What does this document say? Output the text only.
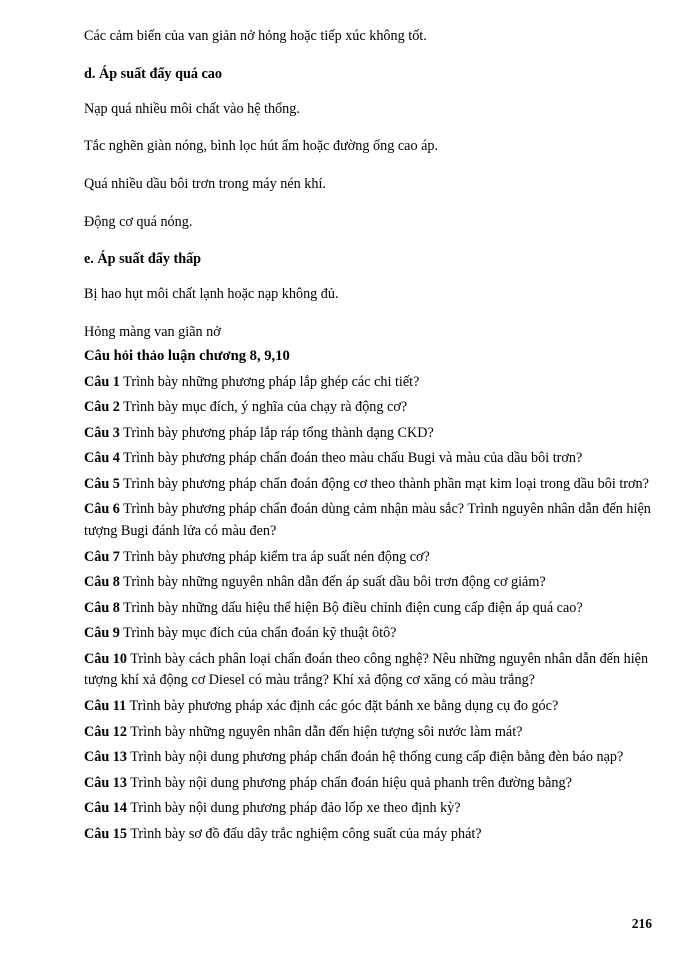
Các cảm biến của van giản nở hỏng hoặc tiếp xúc không tốt.

d. Áp suất đẩy quá cao

Nạp quá nhiều môi chất vào hệ thống.

Tắc nghẽn giàn nóng, bình lọc hút ẩm hoặc đường ống cao áp.

Quá nhiều dầu bôi trơn trong máy nén khí.

Động cơ quá nóng.

e. Áp suất đẩy thấp

Bị hao hụt môi chất lạnh hoặc nạp không đủ.

Hỏng màng van giãn nở

Câu hỏi thảo luận chương 8, 9,10

Câu 1 Trình bày những phương pháp lắp ghép các chi tiết?

Câu 2 Trình bày mục đích, ý nghĩa của chạy rà động cơ?

Câu 3 Trình bày phương pháp lắp ráp tổng thành dạng CKD?

Câu 4 Trình bày phương pháp chẩn đoán theo màu chấu Bugi và màu của dầu bôi trơn?

Câu 5 Trình bày phương pháp chẩn đoán động cơ theo thành phần mạt kim loại trong dầu bôi trơn?

Câu 6 Trình bày phương pháp chẩn đoán dùng cảm nhận màu sắc? Trình nguyên nhân dẫn đến hiện tượng Bugi đánh lửa có màu đen?

Câu 7 Trình bày phương pháp kiểm tra áp suất nén động cơ?

Câu 8 Trình bày những nguyên nhân dẫn đến áp suất dầu bôi trơn động cơ giảm?

Câu 8 Trình bày những dấu hiệu thể hiện Bộ điều chỉnh điện cung cấp điện áp quá cao?

Câu 9 Trình bày mục đích của chẩn đoán kỹ thuật ôtô?

Câu 10 Trình bày cách phân loại chẩn đoán theo công nghệ? Nêu những nguyên nhân dẫn đến hiện tượng khí xả động cơ Diesel có màu trắng? Khí xả động cơ xăng có màu trắng?

Câu 11 Trình bày phương pháp xác định các góc đặt bánh xe bằng dụng cụ đo góc?

Câu 12 Trình bày những nguyên nhân dẫn đến hiện tượng sôi nước làm mát?

Câu 13 Trình bày nội dung phương pháp chẩn đoán hệ thống cung cấp điện bằng đèn báo nạp?

Câu 13 Trình bày nội dung phương pháp chẩn đoán hiệu quả phanh trên đường bằng?

Câu 14 Trình bày nội dung phương pháp đảo lốp xe theo định kỳ?

Câu 15 Trình bày sơ đồ đấu dây trắc nghiệm công suất của máy phát?

216
